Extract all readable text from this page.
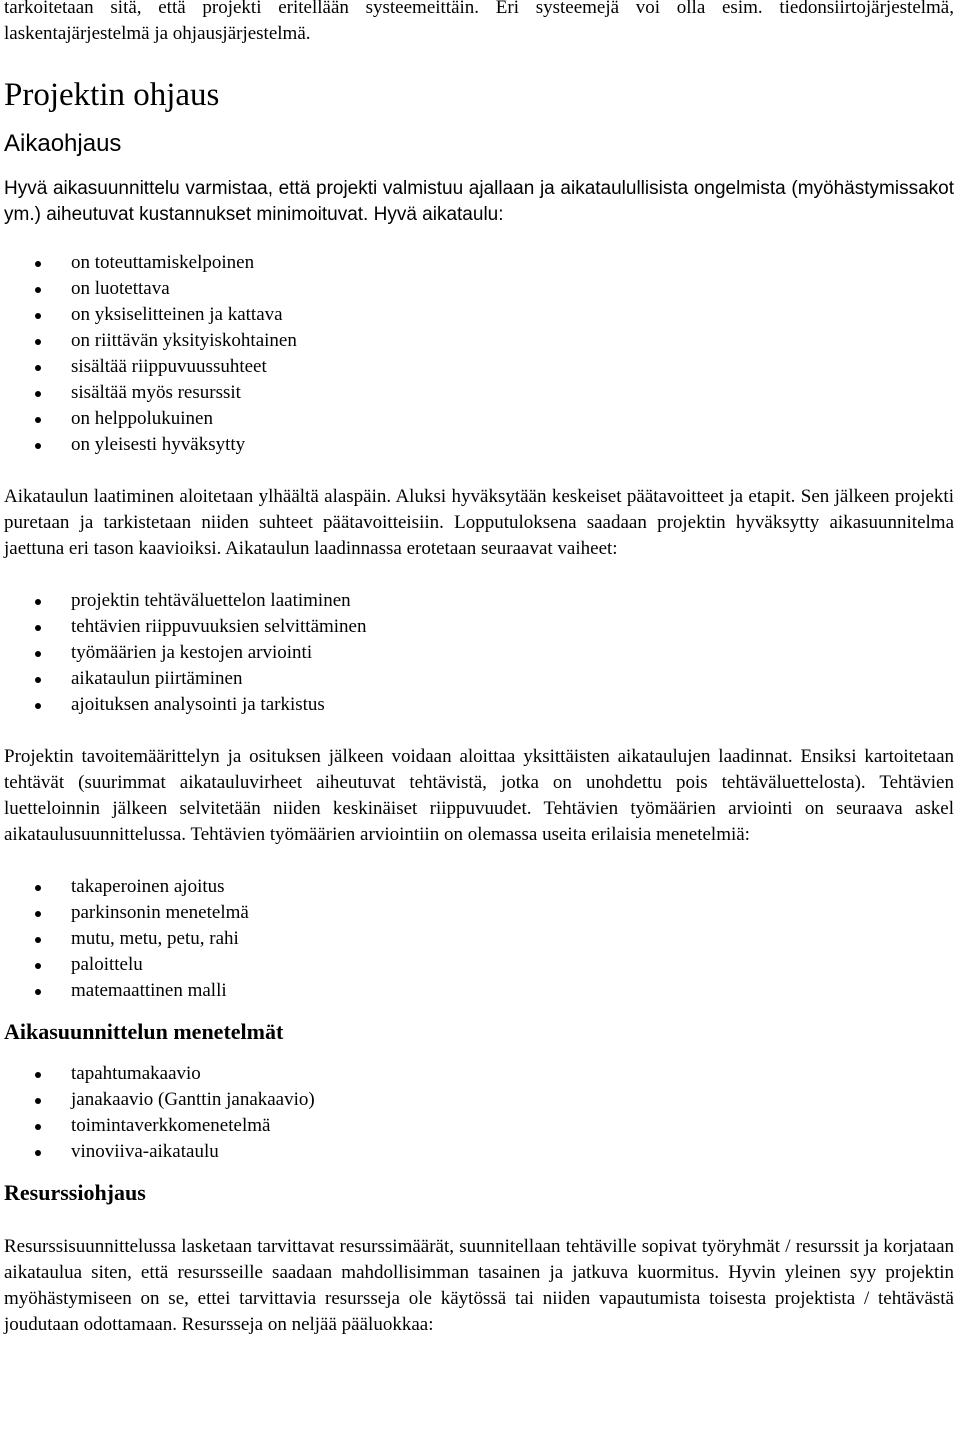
tarkoitetaan sitä, että projekti eritellään systeemeittäin. Eri systeemejä voi olla esim. tiedonsiirtojärjestelmä, laskentajärjestelmä ja ohjausjärjestelmä.

Projektin ohjaus
Aikaohjaus

Hyvä aikasuunnittelu varmistaa, että projekti valmistuu ajallaan ja aikataulullisista ongelmista (myöhästymissakot ym.) aiheutuvat kustannukset minimoituvat. Hyvä aikataulu:

on toteuttamiskelpoinen
on luotettava
on yksiselitteinen ja kattava
on riittävän yksityiskohtainen
sisältää riippuvuussuhteet
sisältää myös resurssit
on helppolukuinen
on yleisesti hyväksytty

Aikataulun laatiminen aloitetaan ylhäältä alaspäin. Aluksi hyväksytään keskeiset päätavoitteet ja etapit. Sen jälkeen projekti puretaan ja tarkistetaan niiden suhteet päätavoitteisiin. Lopputuloksena saadaan projektin hyväksytty aikasuunnitelma jaettuna eri tason kaavioiksi. Aikataulun laadinnassa erotetaan seuraavat vaiheet:

projektin tehtäväluettelon laatiminen
tehtävien riippuvuuksien selvittäminen
työmäärien ja kestojen arviointi
aikataulun piirtäminen
ajoituksen analysointi ja tarkistus

Projektin tavoitemäärittelyn ja osituksen jälkeen voidaan aloittaa yksittäisten aikataulujen laadinnat. Ensiksi kartoitetaan tehtävät (suurimmat aikatauluvirheet aiheutuvat tehtävistä, jotka on unohdettu pois tehtäväluettelosta). Tehtävien luetteloinnin jälkeen selvitetään niiden keskinäiset riippuvuudet. Tehtävien työmäärien arviointi on seuraava askel aikataulusuunnittelussa. Tehtävien työmäärien arviointiin on olemassa useita erilaisia menetelmiä:

takaperoinen ajoitus
parkinsonin menetelmä
mutu, metu, petu, rahi
paloittelu
matemaattinen malli
Aikasuunnittelun menetelmät
tapahtumakaavio
janakaavio (Ganttin janakaavio)
toimintaverkkomenetelmä
vinoviiva-aikataulu
Resurssiohjaus

Resurssisuunnittelussa lasketaan tarvittavat resurssimäärät, suunnitellaan tehtäville sopivat työryhmät / resurssit ja korjataan aikataulua siten, että resursseille saadaan mahdollisimman tasainen ja jatkuva kuormitus. Hyvin yleinen syy projektin myöhästymiseen on se, ettei tarvittavia resursseja ole käytössä tai niiden vapautumista toisesta projektista / tehtävästä joudutaan odottamaan. Resursseja on neljää pääluokkaa:
